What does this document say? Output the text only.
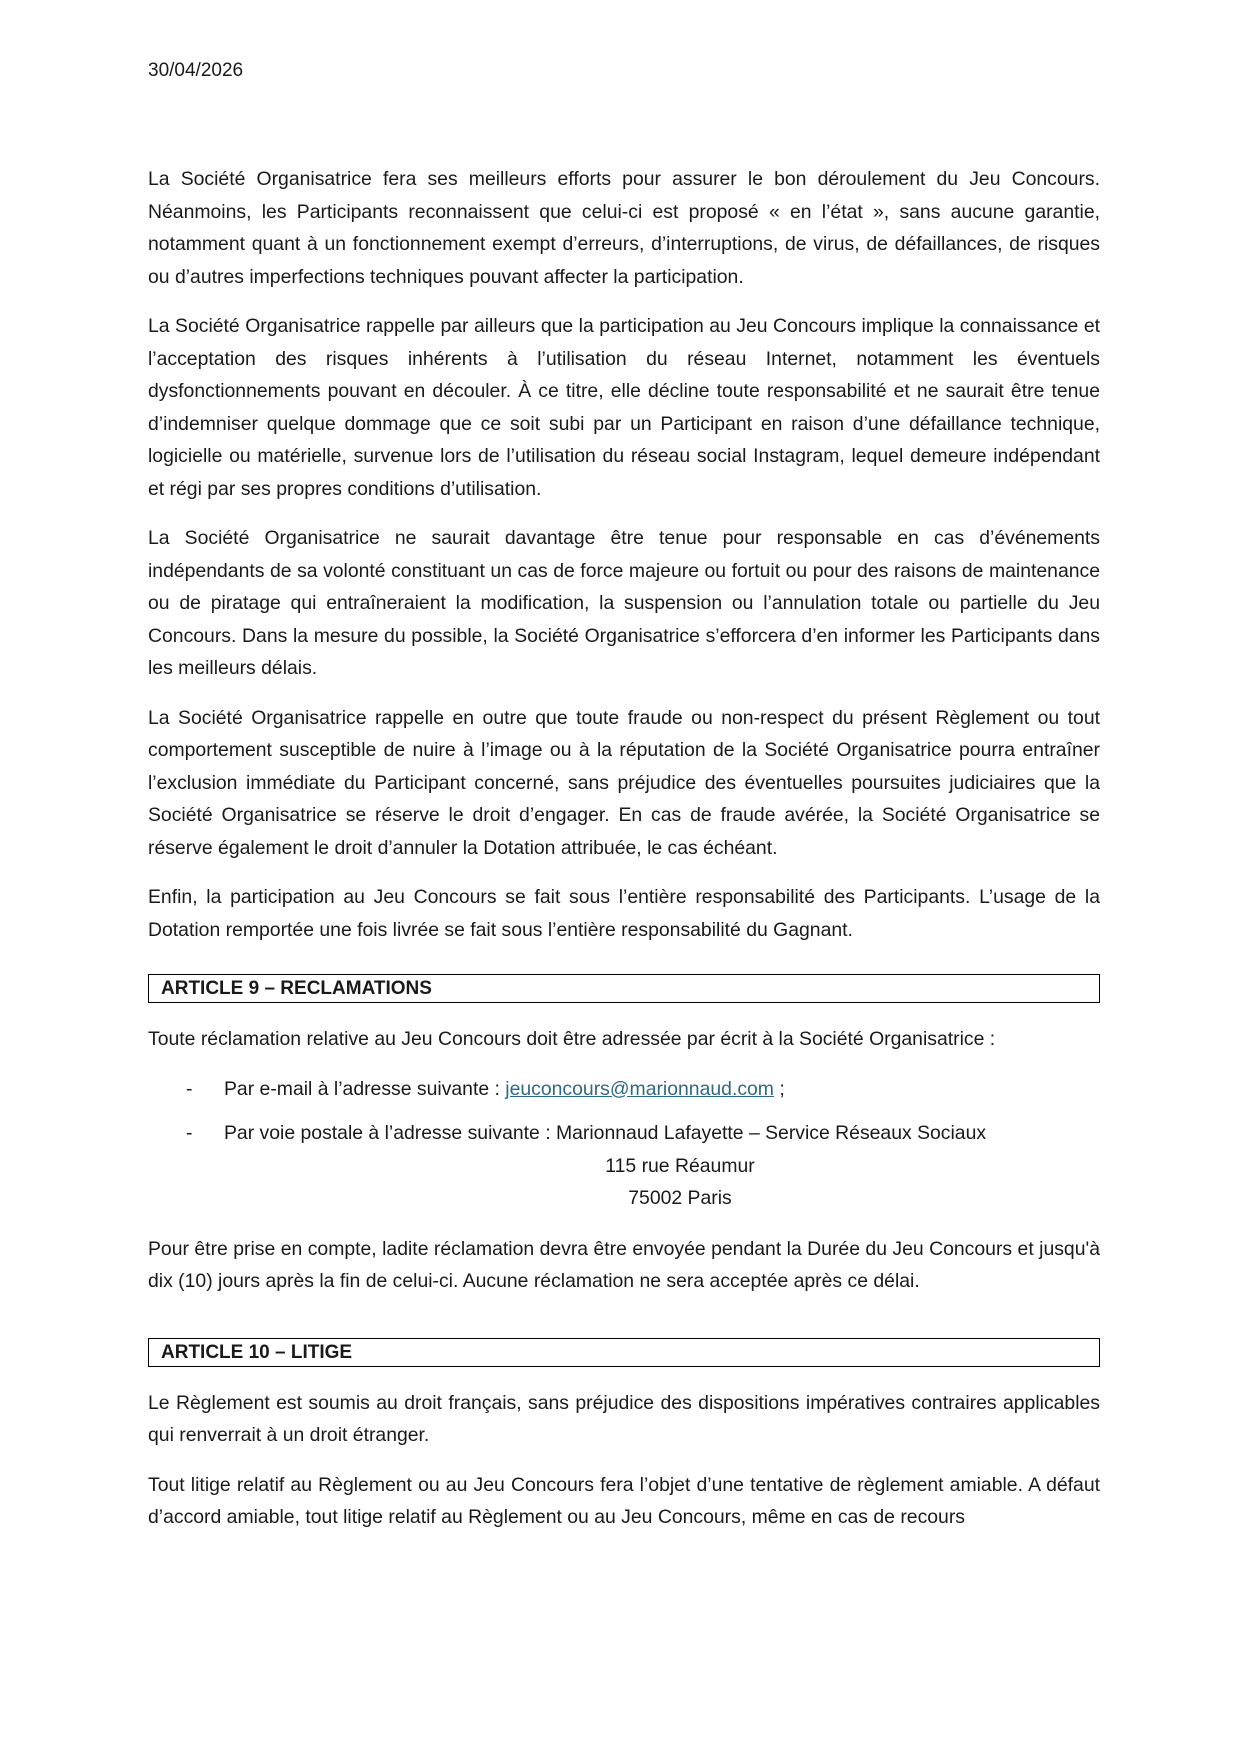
30/04/2026

La Société Organisatrice fera ses meilleurs efforts pour assurer le bon déroulement du Jeu Concours. Néanmoins, les Participants reconnaissent que celui-ci est proposé « en l’état », sans aucune garantie, notamment quant à un fonctionnement exempt d’erreurs, d’interruptions, de virus, de défaillances, de risques ou d’autres imperfections techniques pouvant affecter la participation.

La Société Organisatrice rappelle par ailleurs que la participation au Jeu Concours implique la connaissance et l’acceptation des risques inhérents à l’utilisation du réseau Internet, notamment les éventuels dysfonctionnements pouvant en découler. À ce titre, elle décline toute responsabilité et ne saurait être tenue d’indemniser quelque dommage que ce soit subi par un Participant en raison d’une défaillance technique, logicielle ou matérielle, survenue lors de l’utilisation du réseau social Instagram, lequel demeure indépendant et régi par ses propres conditions d’utilisation.

La Société Organisatrice ne saurait davantage être tenue pour responsable en cas d’événements indépendants de sa volonté constituant un cas de force majeure ou fortuit ou pour des raisons de maintenance ou de piratage qui entraîneraient la modification, la suspension ou l’annulation totale ou partielle du Jeu Concours. Dans la mesure du possible, la Société Organisatrice s’efforcera d’en informer les Participants dans les meilleurs délais.

La Société Organisatrice rappelle en outre que toute fraude ou non-respect du présent Règlement ou tout comportement susceptible de nuire à l’image ou à la réputation de la Société Organisatrice pourra entraîner l’exclusion immédiate du Participant concerné, sans préjudice des éventuelles poursuites judiciaires que la Société Organisatrice se réserve le droit d’engager. En cas de fraude avérée, la Société Organisatrice se réserve également le droit d’annuler la Dotation attribuée, le cas échéant.

Enfin, la participation au Jeu Concours se fait sous l’entière responsabilité des Participants. L’usage de la Dotation remportée une fois livrée se fait sous l’entière responsabilité du Gagnant.

ARTICLE 9 – RECLAMATIONS

Toute réclamation relative au Jeu Concours doit être adressée par écrit à la Société Organisatrice :

- Par e-mail à l’adresse suivante : jeuconcours@marionnaud.com ;

- Par voie postale à l’adresse suivante : Marionnaud Lafayette – Service Réseaux Sociaux
115 rue Réaumur
75002 Paris

Pour être prise en compte, ladite réclamation devra être envoyée pendant la Durée du Jeu Concours et jusqu'à dix (10) jours après la fin de celui-ci. Aucune réclamation ne sera acceptée après ce délai.

ARTICLE 10 – LITIGE

Le Règlement est soumis au droit français, sans préjudice des dispositions impératives contraires applicables qui renverrait à un droit étranger.

Tout litige relatif au Règlement ou au Jeu Concours fera l’objet d’une tentative de règlement amiable. A défaut d’accord amiable, tout litige relatif au Règlement ou au Jeu Concours, même en cas de recours
